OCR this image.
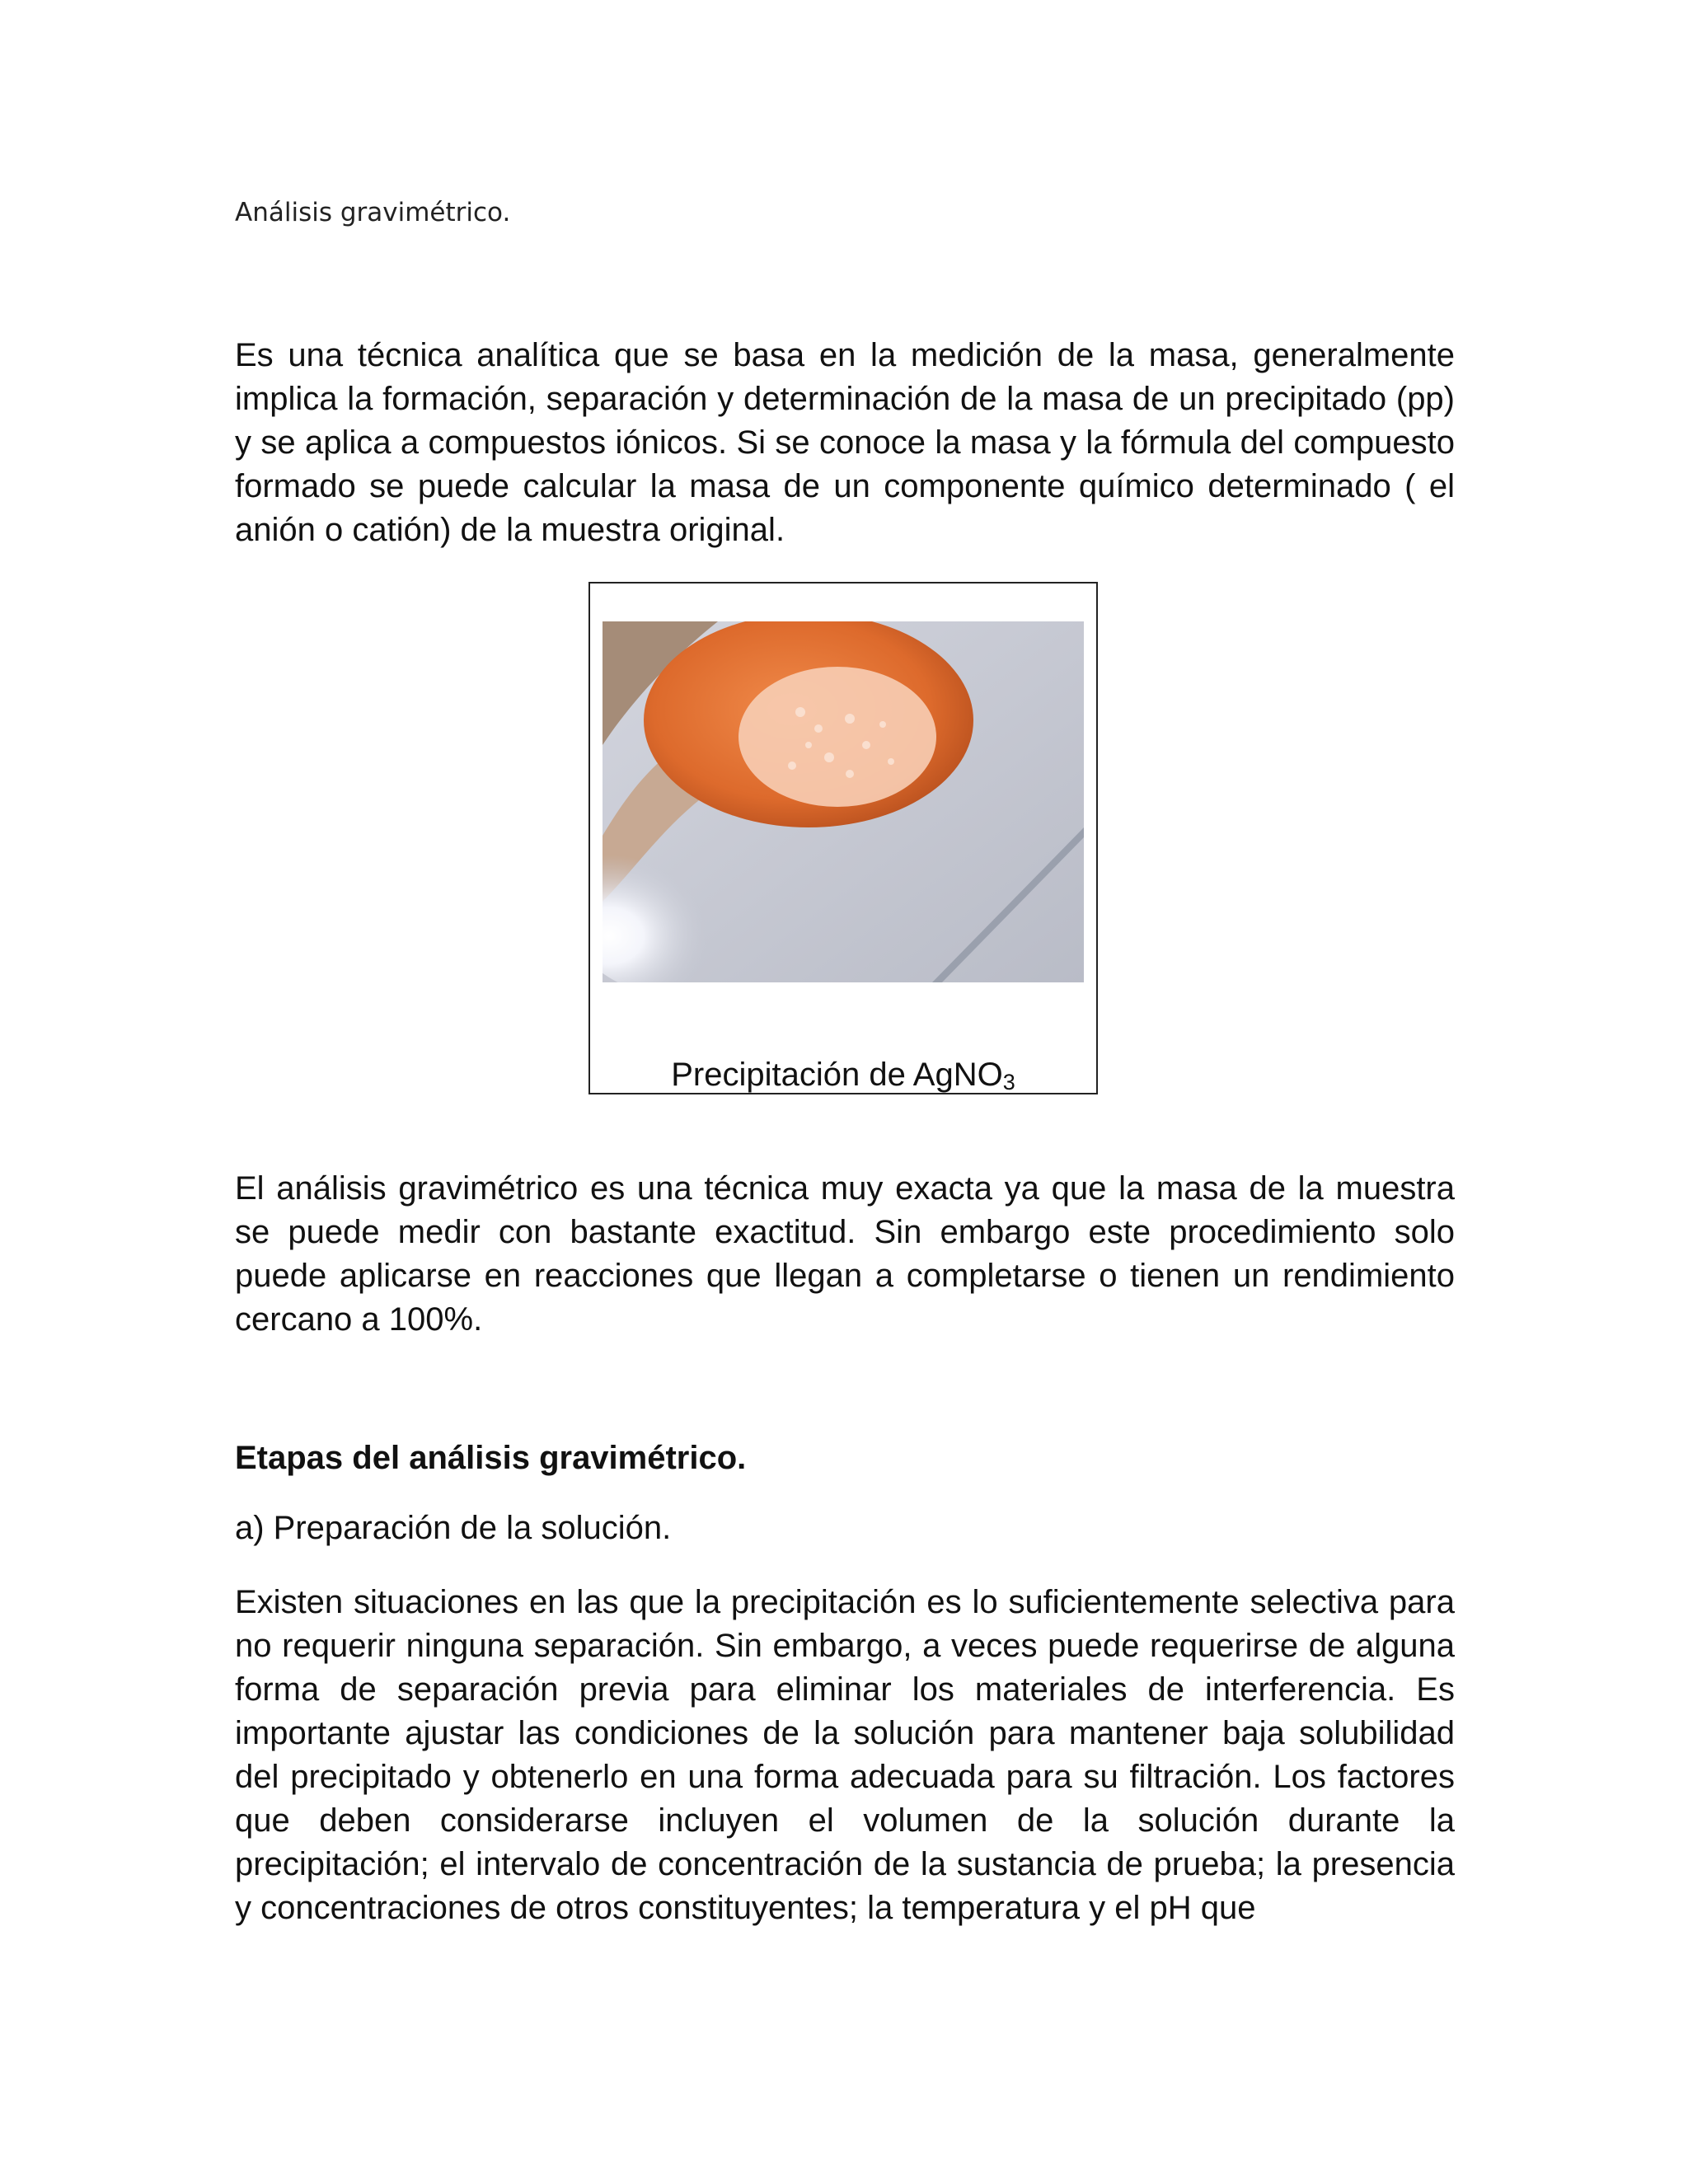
Análisis gravimétrico.

Es una técnica analítica que se basa en la medición de la masa, generalmente implica la formación, separación y determinación de la masa de un precipitado (pp) y se aplica a compuestos iónicos. Si se conoce la masa y la fórmula del compuesto formado se puede calcular la masa de un componente químico determinado ( el anión o catión) de la muestra original.

Precipitación de AgNO$_3$

El análisis gravimétrico es una técnica muy exacta ya que la masa de la muestra se puede medir con bastante exactitud. Sin embargo este procedimiento solo puede aplicarse en reacciones que llegan a completarse o tienen un rendimiento cercano a 100%.

Etapas del análisis gravimétrico.

a) Preparación de la solución.

Existen situaciones en las que la precipitación es lo suficientemente selectiva para no requerir ninguna separación. Sin embargo, a veces puede requerirse de alguna forma de separación previa para eliminar los materiales de interferencia. Es importante ajustar las condiciones de la solución para mantener baja solubilidad del precipitado y obtenerlo en una forma adecuada para su filtración. Los factores que deben considerarse incluyen el volumen de la solución durante la precipitación; el intervalo de concentración de la sustancia de prueba; la presencia y concentraciones de otros constituyentes; la temperatura y el pH que
